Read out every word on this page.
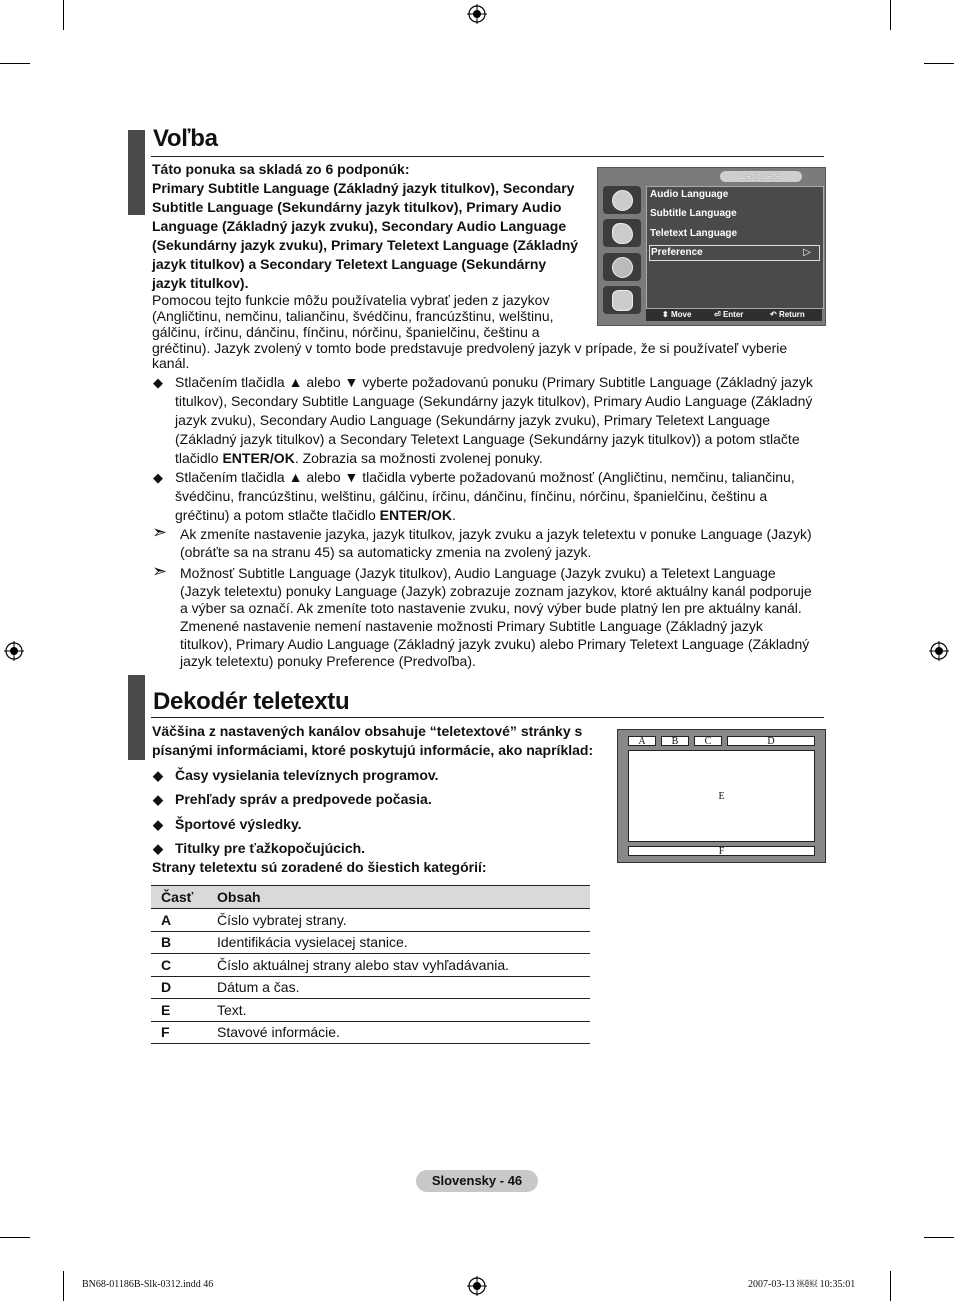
Voľba
Táto ponuka sa skladá zo 6 podponúk:
Primary Subtitle Language (Základný jazyk titulkov), Secondary
Subtitle Language (Sekundárny jazyk titulkov), Primary Audio
Language (Základný jazyk zvuku), Secondary Audio Language
(Sekundárny jazyk zvuku), Primary Teletext Language (Základný
jazyk titulkov) a Secondary Teletext Language (Sekundárny
jazyk titulkov).
Pomocou tejto funkcie môžu používatelia vybrať jeden z jazykov
(Angličtinu, nemčinu, taliančinu, švédčinu, francúzštinu, welštinu,
gálčinu, írčinu, dánčinu, fínčinu, nórčinu, španielčinu, češtinu a
gréčtinu). Jazyk zvolený v tomto bode predstavuje predvolený jazyk v prípade, že si používateľ vyberie
kanál.
◆ Stlačením tlačidla ▲ alebo ▼ vyberte požadovanú ponuku (Primary Subtitle Language (Základný jazyk
titulkov), Secondary Subtitle Language (Sekundárny jazyk titulkov), Primary Audio Language (Základný
jazyk zvuku), Secondary Audio Language (Sekundárny jazyk zvuku), Primary Teletext Language
(Základný jazyk titulkov) a Secondary Teletext Language (Sekundárny jazyk titulkov)) a potom stlačte
tlačidlo ENTER/OK. Zobrazia sa možnosti zvolenej ponuky.
◆ Stlačením tlačidla ▲ alebo ▼ tlačidla vyberte požadovanú možnosť (Angličtinu, nemčinu, taliančinu,
švédčinu, francúzštinu, welštinu, gálčinu, írčinu, dánčinu, fínčinu, nórčinu, španielčinu, češtinu a
gréčtinu) a potom stlačte tlačidlo ENTER/OK.
➣ Ak zmeníte nastavenie jazyka, jazyk titulkov, jazyk zvuku a jazyk teletextu v ponuke Language (Jazyk)
(obráťte sa na stranu 45) sa automaticky zmenia na zvolený jazyk.
➣ Možnosť Subtitle Language (Jazyk titulkov), Audio Language (Jazyk zvuku) a Teletext Language
(Jazyk teletextu) ponuky Language (Jazyk) zobrazuje zoznam jazykov, ktoré aktuálny kanál podporuje
a výber sa označí. Ak zmeníte toto nastavenie zvuku, nový výber bude platný len pre aktuálny kanál.
Zmenené nastavenie nemení nastavenie možnosti Primary Subtitle Language (Základný jazyk
titulkov), Primary Audio Language (Základný jazyk zvuku) alebo Primary Teletext Language (Základný
jazyk teletextu) ponuky Preference (Predvoľba).
Language
Audio Language
Subtitle Language
Teletext Language
Preference	▷
⬍ Move	⏎ Enter	↶ Return
Dekodér teletextu
Väčšina z nastavených kanálov obsahuje “teletextové” stránky s
písanými informáciami, ktoré poskytujú informácie, ako napríklad:
◆ Časy vysielania televíznych programov.
◆ Prehľady správ a predpovede počasia.
◆ Športové výsledky.
◆ Titulky pre ťažkopočujúcich.
Strany teletextu sú zoradené do šiestich kategórií:
A	B	C	D
E
F
Časť	Obsah
A	Číslo vybratej strany.
B	Identifikácia vysielacej stanice.
C	Číslo aktuálnej strany alebo stav vyhľadávania.
D	Dátum a čas.
E	Text.
F	Stavové informácie.
Slovensky - 46
BN68-01186B-Slk-0312.indd 46	2007-03-13 ￼￼ 10:35:01
